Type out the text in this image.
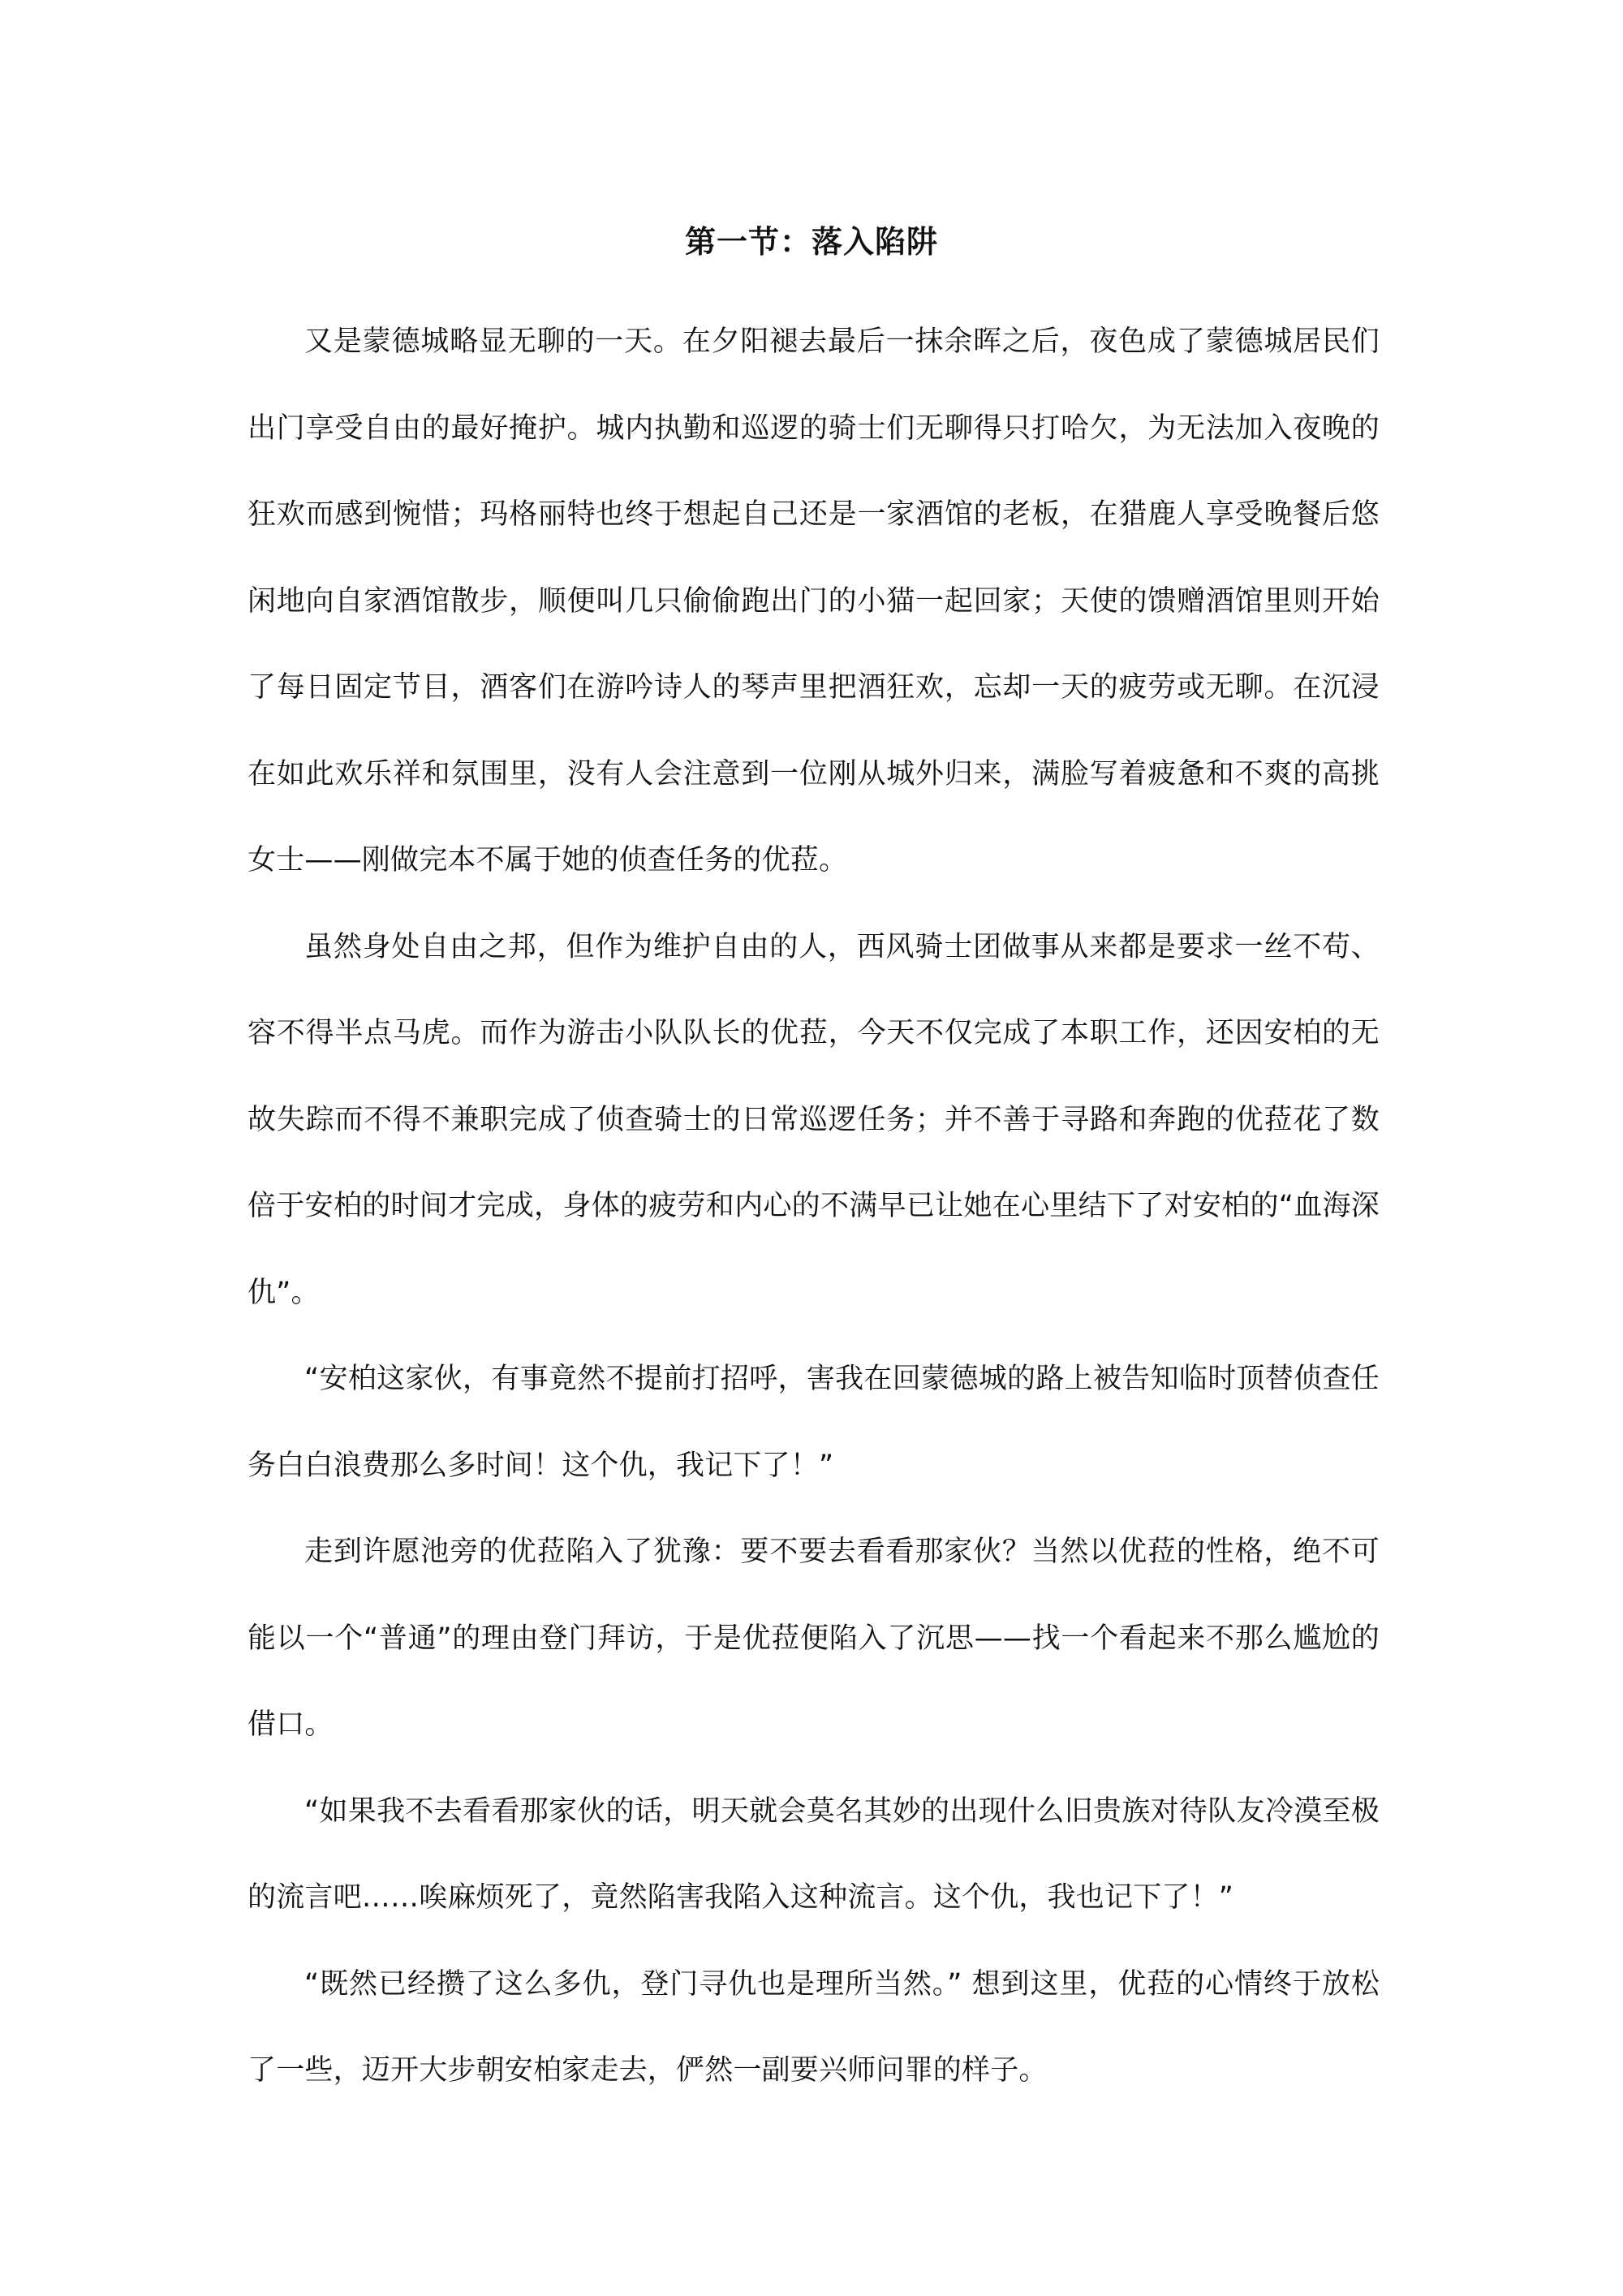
第一节：落入陷阱

又是蒙德城略显无聊的一天。在夕阳褪去最后一抹余晖之后，夜色成了蒙德城居民们出门享受自由的最好掩护。城内执勤和巡逻的骑士们无聊得只打哈欠，为无法加入夜晚的狂欢而感到惋惜；玛格丽特也终于想起自己还是一家酒馆的老板，在猎鹿人享受晚餐后悠闲地向自家酒馆散步，顺便叫几只偷偷跑出门的小猫一起回家；天使的馈赠酒馆里则开始了每日固定节目，酒客们在游吟诗人的琴声里把酒狂欢，忘却一天的疲劳或无聊。在沉浸在如此欢乐祥和氛围里，没有人会注意到一位刚从城外归来，满脸写着疲惫和不爽的高挑女士——刚做完本不属于她的侦查任务的优菈。

虽然身处自由之邦，但作为维护自由的人，西风骑士团做事从来都是要求一丝不苟、容不得半点马虎。而作为游击小队队长的优菈，今天不仅完成了本职工作，还因安柏的无故失踪而不得不兼职完成了侦查骑士的日常巡逻任务；并不善于寻路和奔跑的优菈花了数倍于安柏的时间才完成，身体的疲劳和内心的不满早已让她在心里结下了对安柏的“血海深仇”。

“安柏这家伙，有事竟然不提前打招呼，害我在回蒙德城的路上被告知临时顶替侦查任务白白浪费那么多时间！这个仇，我记下了！”

走到许愿池旁的优菈陷入了犹豫：要不要去看看那家伙？当然以优菈的性格，绝不可能以一个“普通”的理由登门拜访，于是优菈便陷入了沉思——找一个看起来不那么尴尬的借口。

“如果我不去看看那家伙的话，明天就会莫名其妙的出现什么旧贵族对待队友冷漠至极的流言吧……唉麻烦死了，竟然陷害我陷入这种流言。这个仇，我也记下了！”

“既然已经攒了这么多仇，登门寻仇也是理所当然。” 想到这里，优菈的心情终于放松了一些，迈开大步朝安柏家走去，俨然一副要兴师问罪的样子。
